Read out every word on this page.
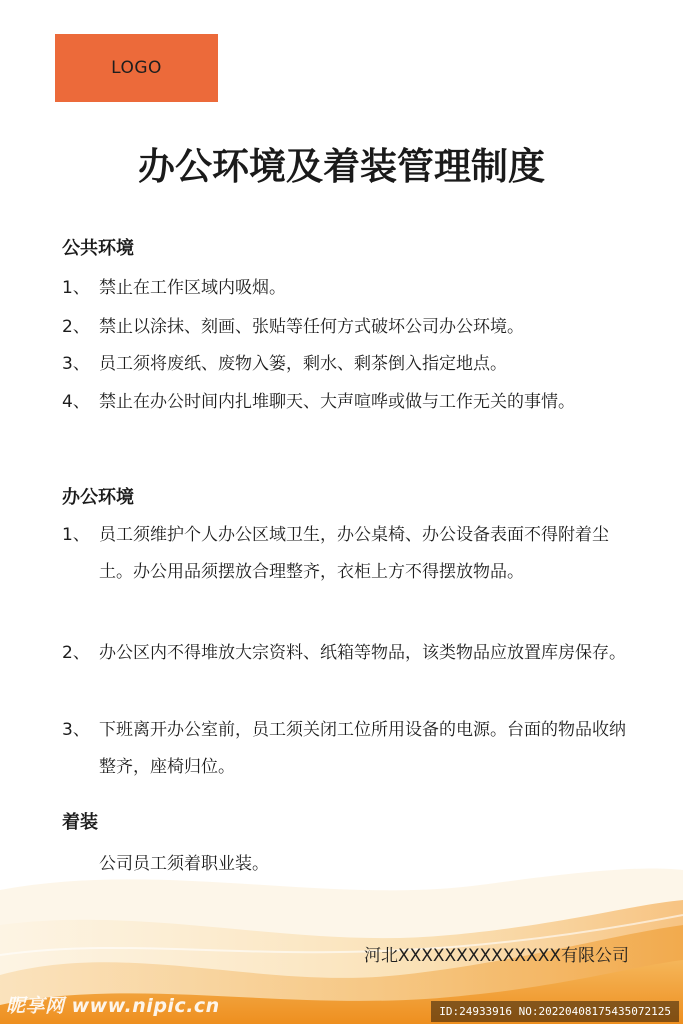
LOGO
办公环境及着装管理制度
公共环境
1、 禁止在工作区域内吸烟。
2、 禁止以涂抹、刻画、张贴等任何方式破坏公司办公环境。
3、 员工须将废纸、废物入篓，剩水、剩茶倒入指定地点。
4、 禁止在办公时间内扎堆聊天、大声喧哗或做与工作无关的事情。
办公环境
1、 员工须维护个人办公区域卫生，办公桌椅、办公设备表面不得附着尘土。办公用品须摆放合理整齐，衣柜上方不得摆放物品。
2、 办公区内不得堆放大宗资料、纸箱等物品，该类物品应放置库房保存。
3、 下班离开办公室前，员工须关闭工位所用设备的电源。台面的物品收纳整齐，座椅归位。
着装
公司员工须着职业装。
河北XXXXXXXXXXXXXX有限公司
昵享网 www.nipic.cn	ID:24933916 NO:20220408175435072125
